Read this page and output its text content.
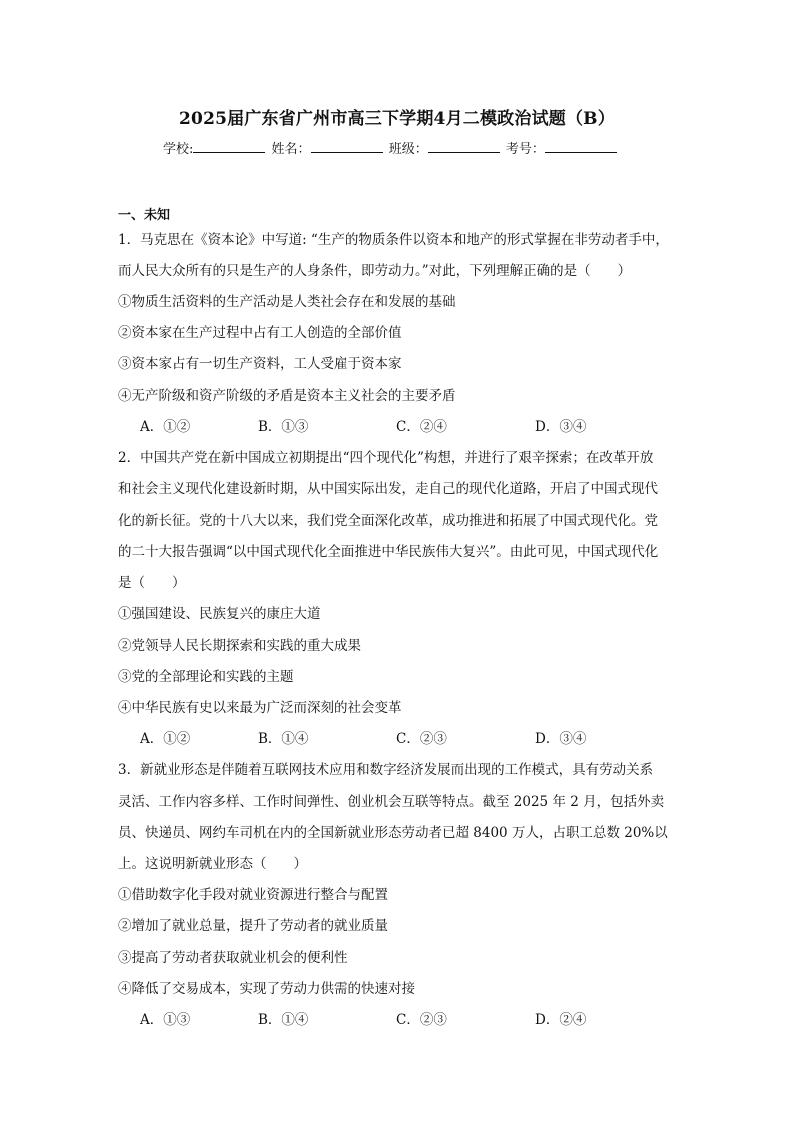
2025届广东省广州市高三下学期4月二模政治试题（B）
学校:	姓名：	班级：	考号：
一、未知
1．马克思在《资本论》中写道: “生产的物质条件以资本和地产的形式掌握在非劳动者手中，
而人民大众所有的只是生产的人身条件，即劳动力。”对此，下列理解正确的是（　　）
①物质生活资料的生产活动是人类社会存在和发展的基础
②资本家在生产过程中占有工人创造的全部价值
③资本家占有一切生产资料，工人受雇于资本家
④无产阶级和资产阶级的矛盾是资本主义社会的主要矛盾
A．①②	B．①③	C．②④	D．③④
2．中国共产党在新中国成立初期提出“四个现代化”构想，并进行了艰辛探索；在改革开放
和社会主义现代化建设新时期，从中国实际出发，走自己的现代化道路，开启了中国式现代
化的新长征。党的十八大以来，我们党全面深化改革，成功推进和拓展了中国式现代化。党
的二十大报告强调“以中国式现代化全面推进中华民族伟大复兴”。由此可见，中国式现代化
是（　　）
①强国建设、民族复兴的康庄大道
②党领导人民长期探索和实践的重大成果
③党的全部理论和实践的主题
④中华民族有史以来最为广泛而深刻的社会变革
A．①②	B．①④	C．②③	D．③④
3．新就业形态是伴随着互联网技术应用和数字经济发展而出现的工作模式，具有劳动关系
灵活、工作内容多样、工作时间弹性、创业机会互联等特点。截至 2025 年 2 月，包括外卖
员、快递员、网约车司机在内的全国新就业形态劳动者已超 8400 万人，占职工总数 20%以
上。这说明新就业形态（　　）
①借助数字化手段对就业资源进行整合与配置
②增加了就业总量，提升了劳动者的就业质量
③提高了劳动者获取就业机会的便利性
④降低了交易成本，实现了劳动力供需的快速对接
A．①③	B．①④	C．②③	D．②④
